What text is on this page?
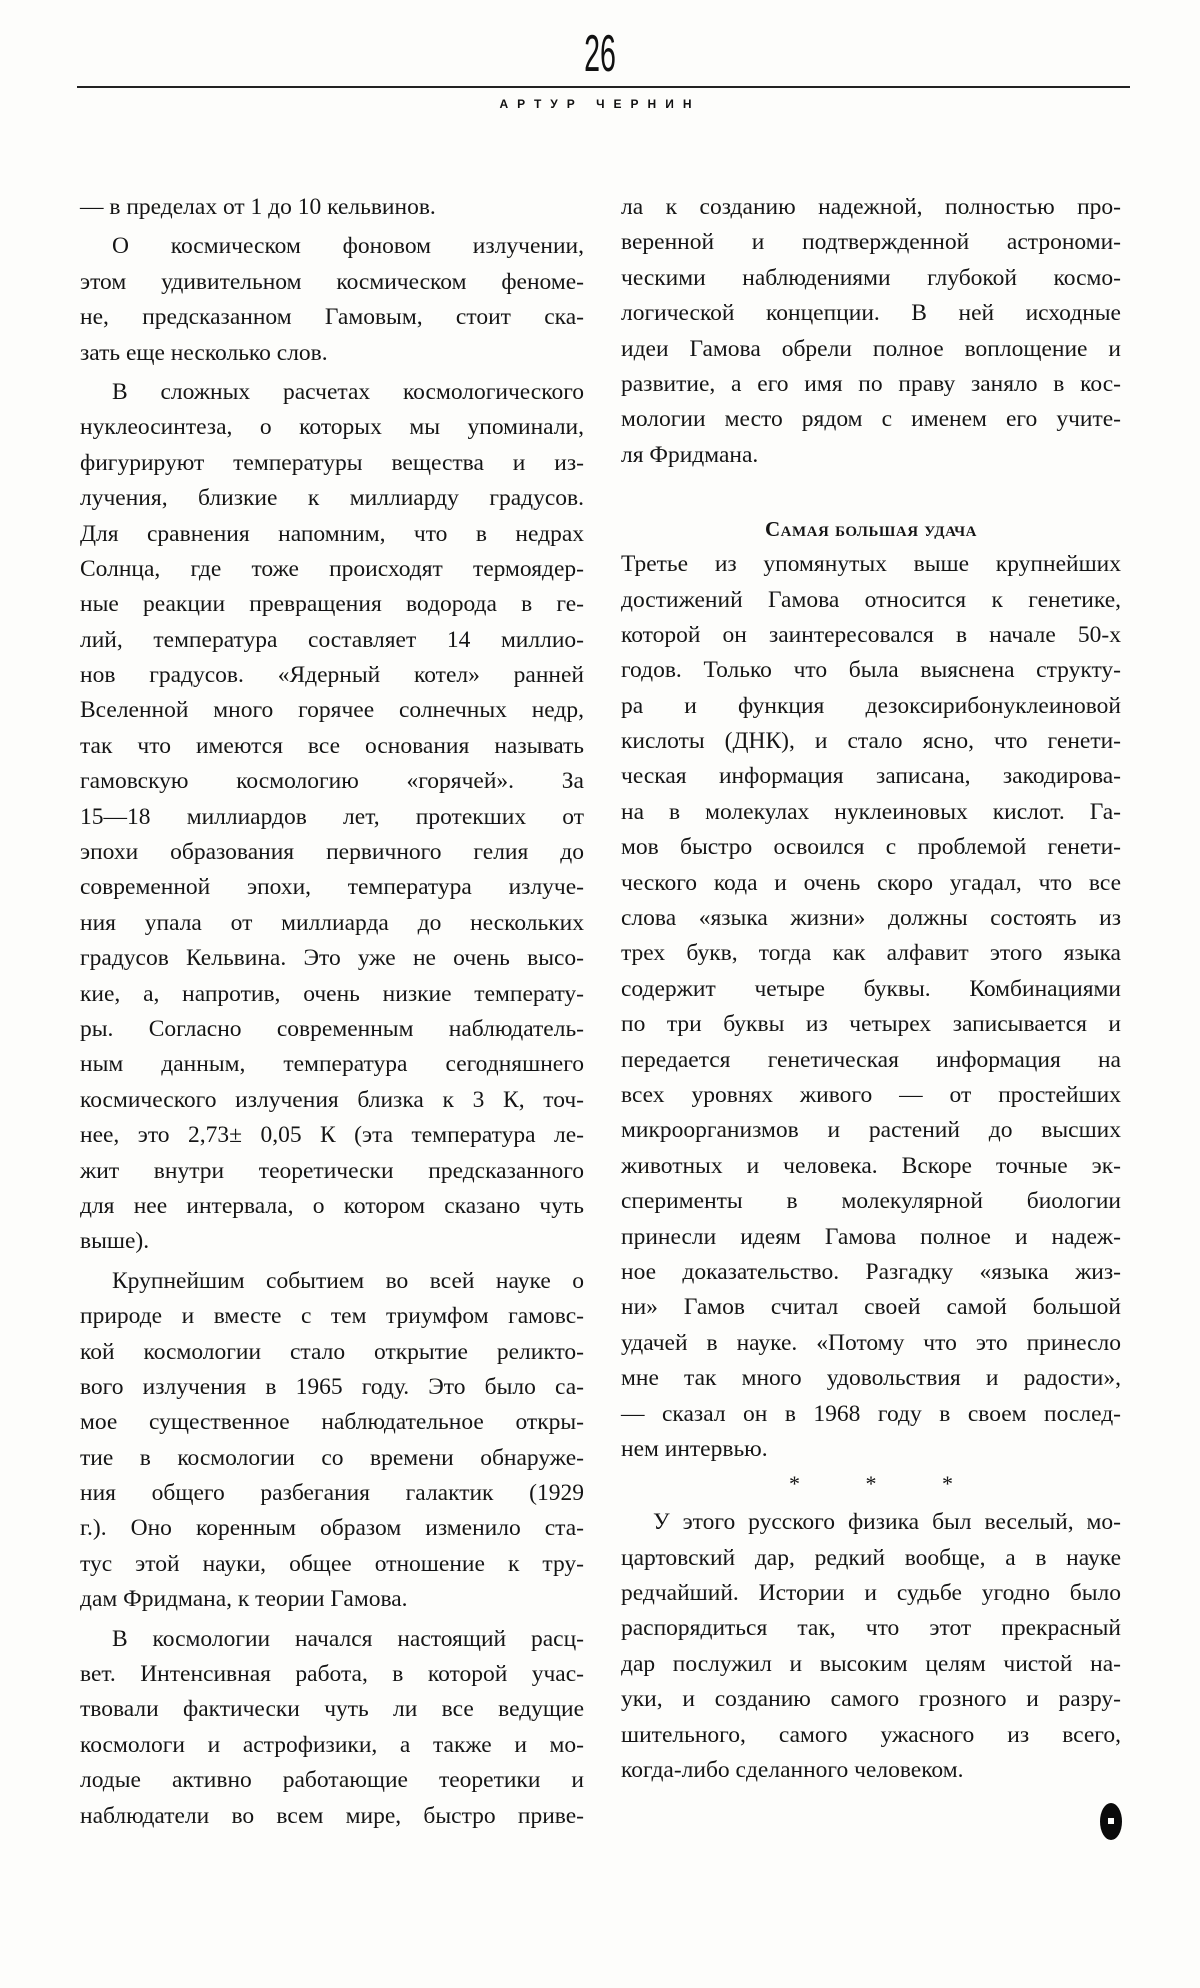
26
АРТУР ЧЕРНИН
— в пределах от 1 до 10 кельвинов.
О космическом фоновом излучении,
этом удивительном космическом феноме-
не, предсказанном Гамовым, стоит ска-
зать еще несколько слов.
В сложных расчетах космологического
нуклеосинтеза, о которых мы упоминали,
фигурируют температуры вещества и из-
лучения, близкие к миллиарду градусов.
Для сравнения напомним, что в недрах
Солнца, где тоже происходят термоядер-
ные реакции превращения водорода в ге-
лий, температура составляет 14 миллио-
нов градусов. «Ядерный котел» ранней
Вселенной много горячее солнечных недр,
так что имеются все основания называть
гамовскую космологию «горячей». За
15—18 миллиардов лет, протекших от
эпохи образования первичного гелия до
современной эпохи, температура излуче-
ния упала от миллиарда до нескольких
градусов Кельвина. Это уже не очень высо-
кие, а, напротив, очень низкие температу-
ры. Согласно современным наблюдатель-
ным данным, температура сегодняшнего
космического излучения близка к 3 К, точ-
нее, это 2,73± 0,05 К (эта температура ле-
жит внутри теоретически предсказанного
для нее интервала, о котором сказано чуть
выше).
Крупнейшим событием во всей науке о
природе и вместе с тем триумфом гамовс-
кой космологии стало открытие реликто-
вого излучения в 1965 году. Это было са-
мое существенное наблюдательное откры-
тие в космологии со времени обнаруже-
ния общего разбегания галактик (1929
г.). Оно коренным образом изменило ста-
тус этой науки, общее отношение к тру-
дам Фридмана, к теории Гамова.
В космологии начался настоящий расц-
вет. Интенсивная работа, в которой учас-
твовали фактически чуть ли все ведущие
космологи и астрофизики, а также и мо-
лодые активно работающие теоретики и
наблюдатели во всем мире, быстро приве-
ла к созданию надежной, полностью про-
веренной и подтвержденной астрономи-
ческими наблюдениями глубокой космо-
логической концепции. В ней исходные
идеи Гамова обрели полное воплощение и
развитие, а его имя по праву заняло в кос-
мологии место рядом с именем его учите-
ля Фридмана.
Самая большая удача
Третье из упомянутых выше крупнейших
достижений Гамова относится к генетике,
которой он заинтересовался в начале 50-х
годов. Только что была выяснена структу-
ра и функция дезоксирибонуклеиновой
кислоты (ДНК), и стало ясно, что генети-
ческая информация записана, закодирова-
на в молекулах нуклеиновых кислот. Га-
мов быстро освоился с проблемой генети-
ческого кода и очень скоро угадал, что все
слова «языка жизни» должны состоять из
трех букв, тогда как алфавит этого языка
содержит четыре буквы. Комбинациями
по три буквы из четырех записывается и
передается генетическая информация на
всех уровнях живого — от простейших
микроорганизмов и растений до высших
животных и человека. Вскоре точные эк-
сперименты в молекулярной биологии
принесли идеям Гамова полное и надеж-
ное доказательство. Разгадку «языка жиз-
ни» Гамов считал своей самой большой
удачей в науке. «Потому что это принесло
мне так много удовольствия и радости»,
— сказал он в 1968 году в своем послед-
нем интервью.
* * *
У этого русского физика был веселый, мо-
цартовский дар, редкий вообще, а в науке
редчайший. Истории и судьбе угодно было
распорядиться так, что этот прекрасный
дар послужил и высоким целям чистой на-
уки, и созданию самого грозного и разру-
шительного, самого ужасного из всего,
когда-либо сделанного человеком.
